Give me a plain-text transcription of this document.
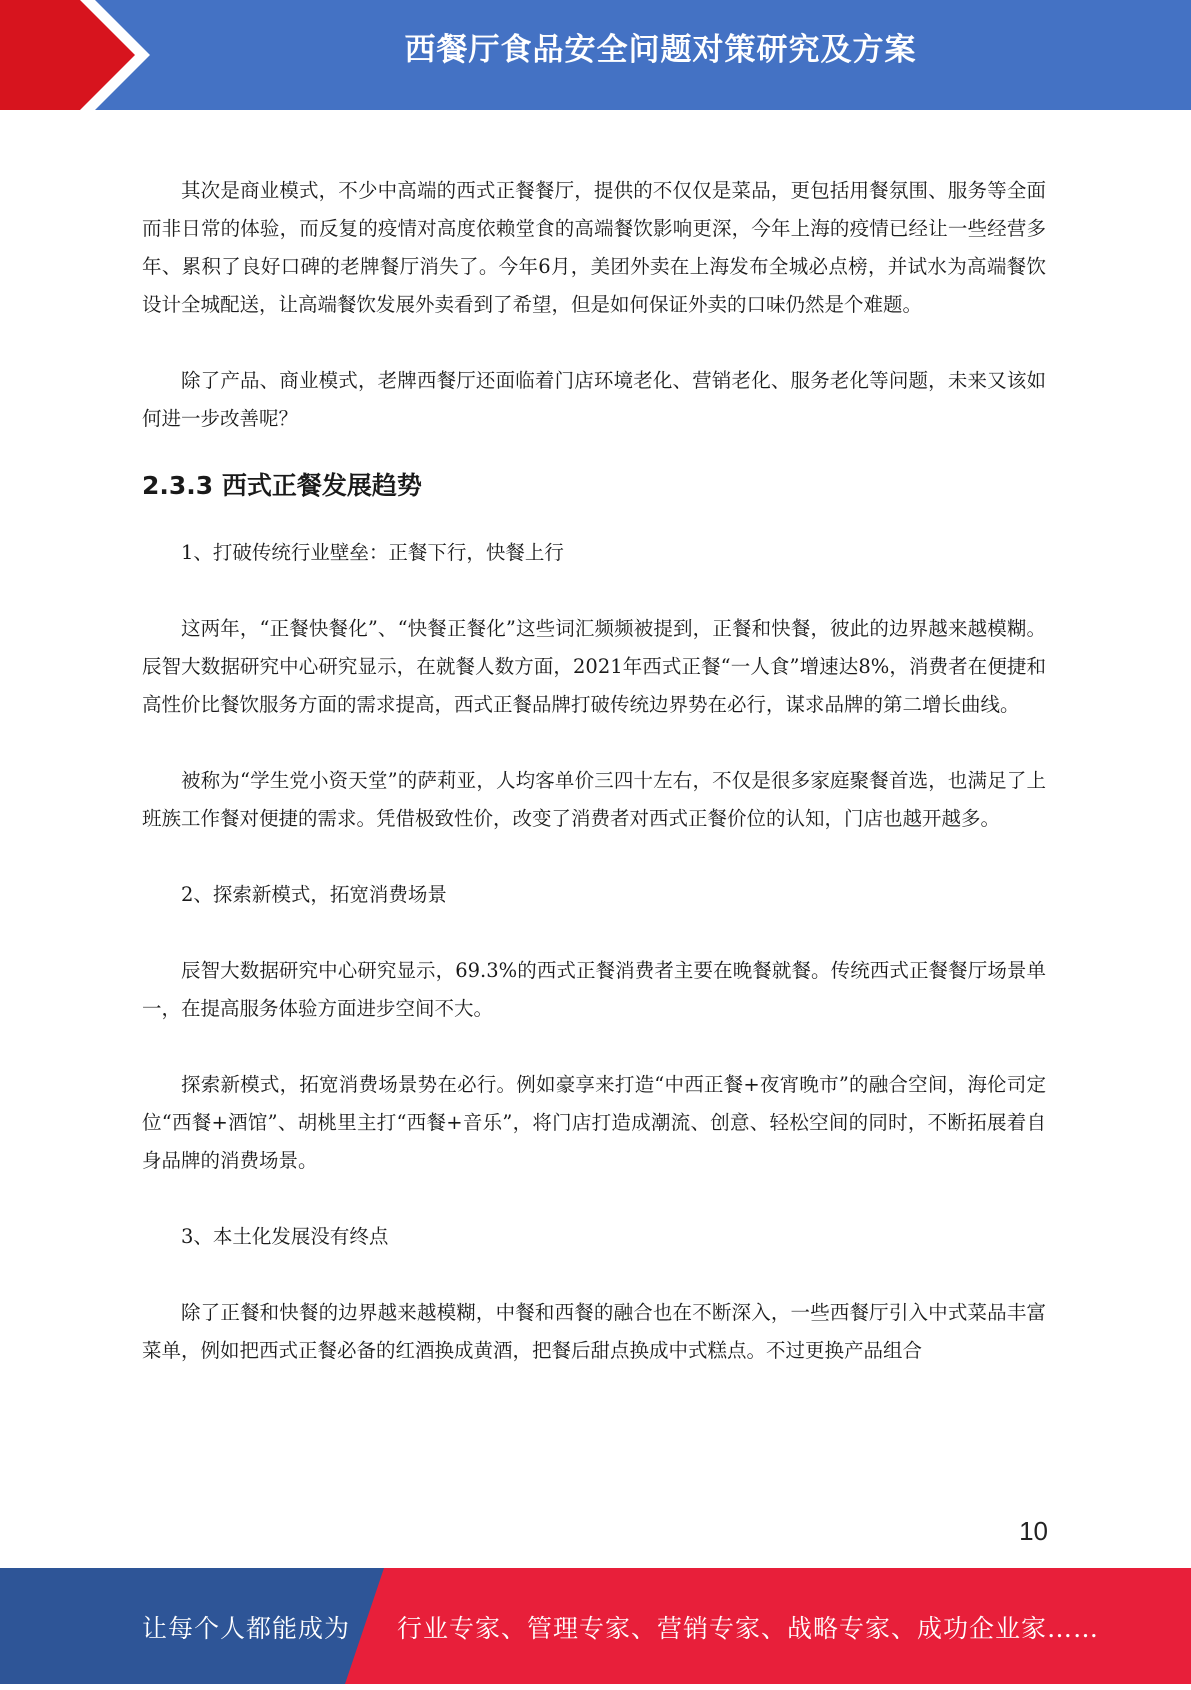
西餐厅食品安全问题对策研究及方案

其次是商业模式，不少中高端的西式正餐餐厅，提供的不仅仅是菜品，更包括用餐氛围、服务等全面而非日常的体验，而反复的疫情对高度依赖堂食的高端餐饮影响更深，今年上海的疫情已经让一些经营多年、累积了良好口碑的老牌餐厅消失了。今年6月，美团外卖在上海发布全城必点榜，并试水为高端餐饮设计全城配送，让高端餐饮发展外卖看到了希望，但是如何保证外卖的口味仍然是个难题。

除了产品、商业模式，老牌西餐厅还面临着门店环境老化、营销老化、服务老化等问题，未来又该如何进一步改善呢？

2.3.3 西式正餐发展趋势

1、打破传统行业壁垒：正餐下行，快餐上行

这两年，“正餐快餐化”、“快餐正餐化”这些词汇频频被提到，正餐和快餐，彼此的边界越来越模糊。辰智大数据研究中心研究显示，在就餐人数方面，2021年西式正餐“一人食”增速达8%，消费者在便捷和高性价比餐饮服务方面的需求提高，西式正餐品牌打破传统边界势在必行，谋求品牌的第二增长曲线。

被称为“学生党小资天堂”的萨莉亚，人均客单价三四十左右，不仅是很多家庭聚餐首选，也满足了上班族工作餐对便捷的需求。凭借极致性价，改变了消费者对西式正餐价位的认知，门店也越开越多。

2、探索新模式，拓宽消费场景

辰智大数据研究中心研究显示，69.3%的西式正餐消费者主要在晚餐就餐。传统西式正餐餐厅场景单一，在提高服务体验方面进步空间不大。

探索新模式，拓宽消费场景势在必行。例如豪享来打造“中西正餐+夜宵晚市”的融合空间，海伦司定位“西餐+酒馆”、胡桃里主打“西餐+音乐”，将门店打造成潮流、创意、轻松空间的同时，不断拓展着自身品牌的消费场景。

3、本土化发展没有终点

除了正餐和快餐的边界越来越模糊，中餐和西餐的融合也在不断深入，一些西餐厅引入中式菜品丰富菜单，例如把西式正餐必备的红酒换成黄酒，把餐后甜点换成中式糕点。不过更换产品组合

10
让每个人都能成为 行业专家、管理专家、营销专家、战略专家、成功企业家……
